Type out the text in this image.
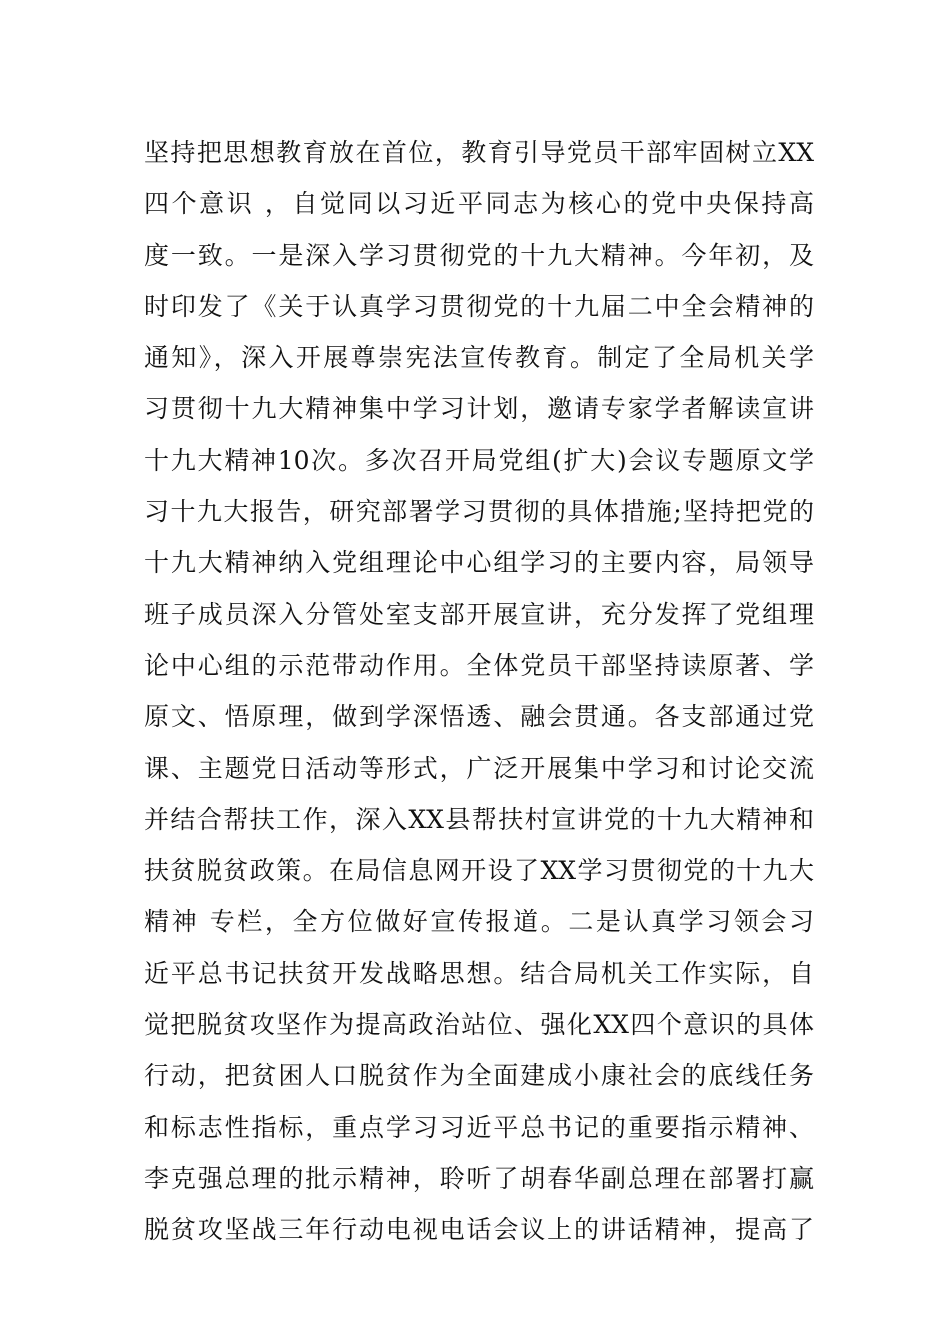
坚持把思想教育放在首位，教育引导党员干部牢固树立XX
四个意识 ，自觉同以习近平同志为核心的党中央保持高
度一致。一是深入学习贯彻党的十九大精神。今年初，及
时印发了《关于认真学习贯彻党的十九届二中全会精神的
通知》，深入开展尊崇宪法宣传教育。制定了全局机关学
习贯彻十九大精神集中学习计划，邀请专家学者解读宣讲
十九大精神10次。多次召开局党组(扩大)会议专题原文学
习十九大报告，研究部署学习贯彻的具体措施;坚持把党的
十九大精神纳入党组理论中心组学习的主要内容，局领导
班子成员深入分管处室支部开展宣讲，充分发挥了党组理
论中心组的示范带动作用。全体党员干部坚持读原著、学
原文、悟原理，做到学深悟透、融会贯通。各支部通过党
课、主题党日活动等形式，广泛开展集中学习和讨论交流
并结合帮扶工作，深入XX县帮扶村宣讲党的十九大精神和
扶贫脱贫政策。在局信息网开设了XX学习贯彻党的十九大
精神 专栏，全方位做好宣传报道。二是认真学习领会习
近平总书记扶贫开发战略思想。结合局机关工作实际，自
觉把脱贫攻坚作为提高政治站位、强化XX四个意识的具体
行动，把贫困人口脱贫作为全面建成小康社会的底线任务
和标志性指标，重点学习习近平总书记的重要指示精神、
李克强总理的批示精神，聆听了胡春华副总理在部署打赢
脱贫攻坚战三年行动电视电话会议上的讲话精神，提高了
